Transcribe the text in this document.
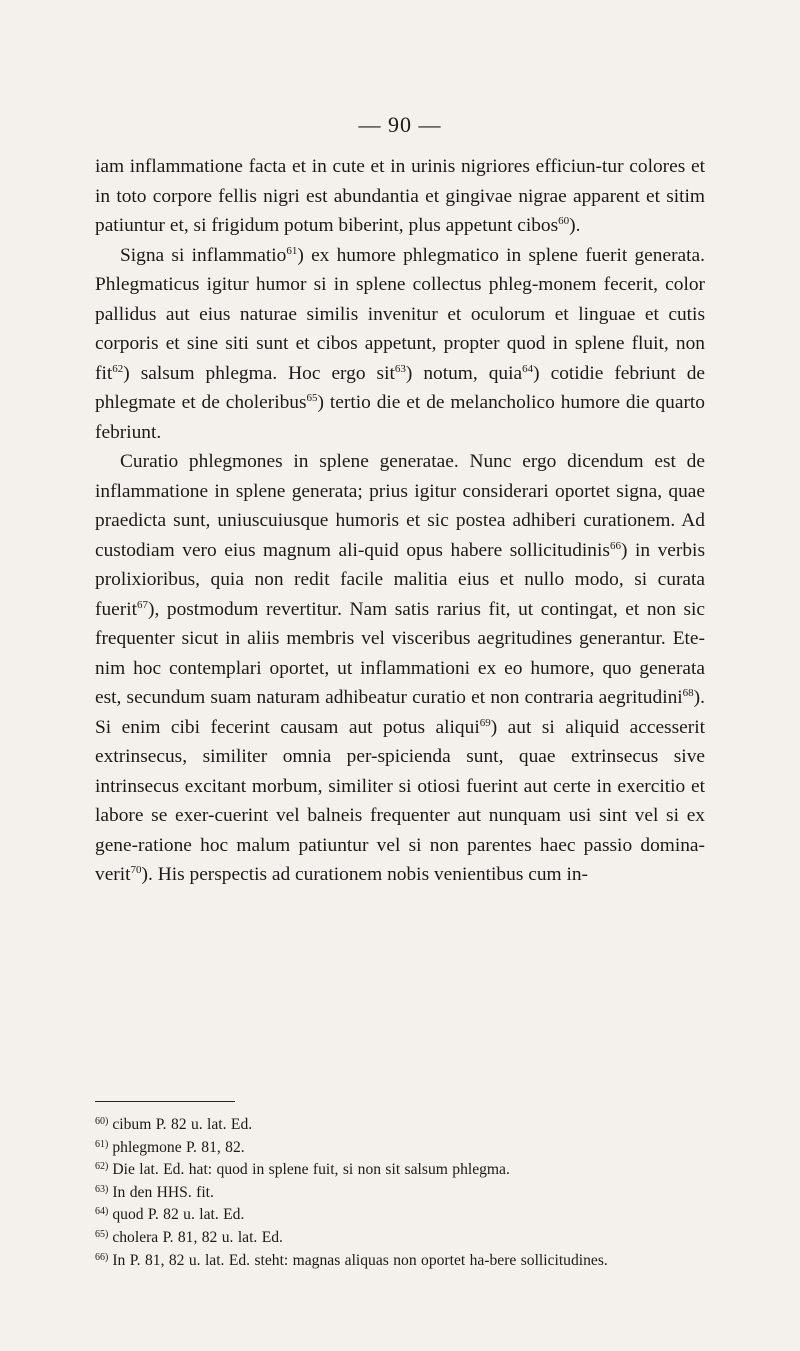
— 90 —

iam inflammatione facta et in cute et in urinis nigriores efficiun-tur colores et in toto corpore fellis nigri est abundantia et gingivae nigrae apparent et sitim patiuntur et, si frigidum potum biberint, plus appetunt cibos$^{60}$).

Signa si inflammatio$^{61}$) ex humore phlegmatico in splene fuerit generata. Phlegmaticus igitur humor si in splene collectus phleg-monem fecerit, color pallidus aut eius naturae similis invenitur et oculorum et linguae et cutis corporis et sine siti sunt et cibos appetunt, propter quod in splene fluit, non fit$^{62}$) salsum phlegma. Hoc ergo sit$^{63}$) notum, quia$^{64}$) cotidie febriunt de phlegmate et de choleribus$^{65}$) tertio die et de melancholico humore die quarto febriunt.

Curatio phlegmones in splene generatae. Nunc ergo dicendum est de inflammatione in splene generata; prius igitur considerari oportet signa, quae praedicta sunt, uniuscuiusque humoris et sic postea adhiberi curationem. Ad custodiam vero eius magnum ali-quid opus habere sollicitudinis$^{66}$) in verbis prolixioribus, quia non redit facile malitia eius et nullo modo, si curata fuerit$^{67}$), postmodum revertitur. Nam satis rarius fit, ut contingat, et non sic frequenter sicut in aliis membris vel visceribus aegritudines generantur. Ete-nim hoc contemplari oportet, ut inflammationi ex eo humore, quo generata est, secundum suam naturam adhibeatur curatio et non contraria aegritudini$^{68}$). Si enim cibi fecerint causam aut potus aliqui$^{69}$) aut si aliquid accesserit extrinsecus, similiter omnia per-spicienda sunt, quae extrinsecus sive intrinsecus excitant morbum, similiter si otiosi fuerint aut certe in exercitio et labore se exer-cuerint vel balneis frequenter aut nunquam usi sint vel si ex gene-ratione hoc malum patiuntur vel si non parentes haec passio domina-verit$^{70}$). His perspectis ad curationem nobis venientibus cum in-

$^{60)}$ cibum P. 82 u. lat. Ed.

$^{61)}$ phlegmone P. 81, 82.

$^{62)}$ Die lat. Ed. hat: quod in splene fuit, si non sit salsum phlegma.

$^{63)}$ In den HHS. fit.

$^{64)}$ quod P. 82 u. lat. Ed.

$^{65)}$ cholera P. 81, 82 u. lat. Ed.

$^{66)}$ In P. 81, 82 u. lat. Ed. steht: magnas aliquas non oportet ha-bere sollicitudines.
